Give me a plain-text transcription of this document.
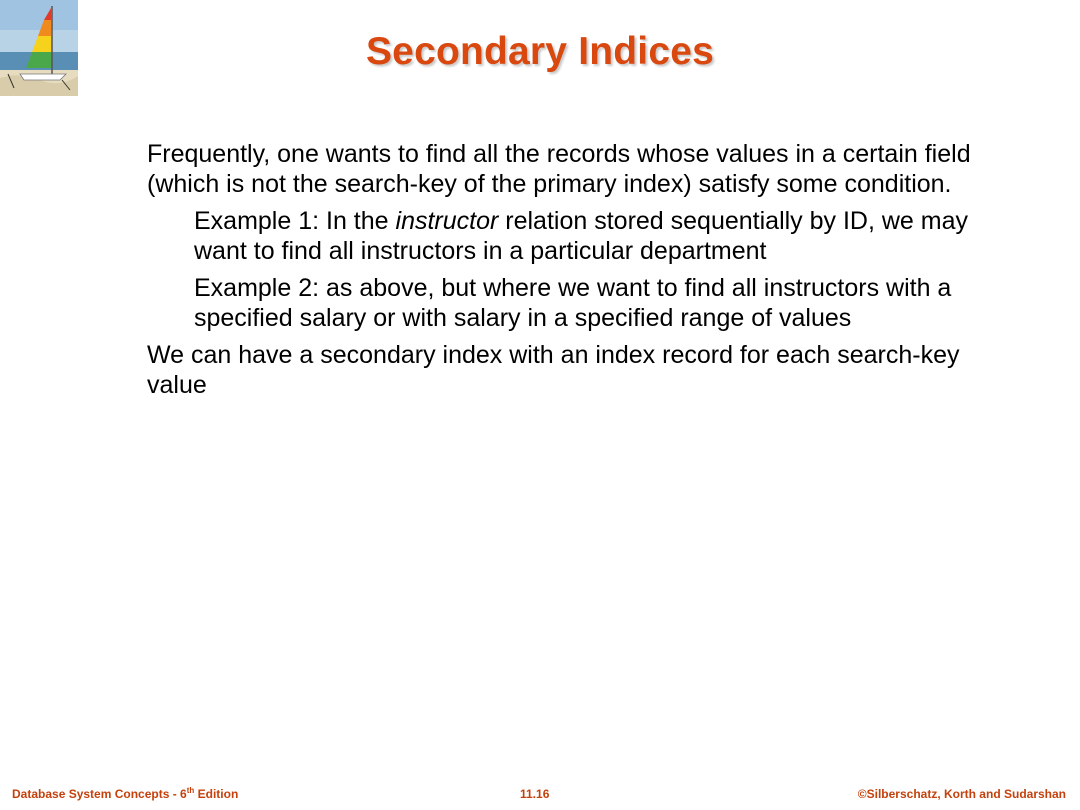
Secondary Indices

Frequently, one wants to find all the records whose values in a certain field (which is not the search-key of the primary index) satisfy some condition.

Example 1: In the instructor relation stored sequentially by ID, we may want to find all instructors in a particular department

Example 2: as above, but where we want to find all instructors with a specified salary or with salary in a specified range of values

We can have a secondary index with an index record for each search-key value

Database System Concepts - 6th Edition	11.16	©Silberschatz, Korth and Sudarshan
